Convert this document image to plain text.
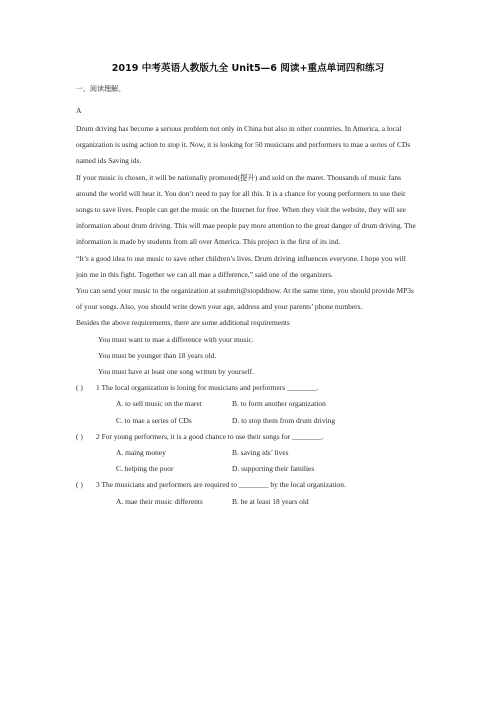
2019 中考英语人教版九全 Unit5—6 阅读+重点单词四和练习
一、阅读理解。
A

Drum driving has become a serious problem not only in China but also in other countries. In America, a local organization is using action to stop it. Now, it is looking for 50 musicians and performers to mae a series of CDs named ids Saving ids.

If your music is chosen, it will be nationally promoted(提升) and sold on the maret. Thousands of music fans around the world will hear it. You don’t need to pay for all this. It is a chance for young performers to use their songs to save lives. People can get the music on the Internet for free. When they visit the website, they will see information about drum driving. This will mae people pay more attention to the great danger of drum driving. The information is made by students from all over America. This project is the first of its ind.

“It’s a good idea to use music to save other children’s lives. Drum driving influences everyone. I hope you will join me in this fight. Together we can all mae a difference,” said one of the organizers.

You can send your music to the organization at ssubmit@stopddnow. At the same time, you should provide MP3s of your songs. Also, you should write down your age, address and your parents’ phone numbers.

Besides the above requirements, there are some additional requirements

You must want to mae a difference with your music.

You must be younger than 18 years old.

You must have at least one song written by yourself.

( ) 1 The local organization is looing for musicians and performers ________.

A. to sell music on the maret	B. to form another organization
C. to mae a series of CDs	D. to stop them from drum driving

( ) 2 For young performers, it is a good chance to use their songs for ________.

A. maing money	B. saving ids’ lives
C. helping the poor	D. supporting their families

( ) 3 The musicians and performers are required to ________ by the local organization.

A. mae their music differents	B. be at least 18 years old
